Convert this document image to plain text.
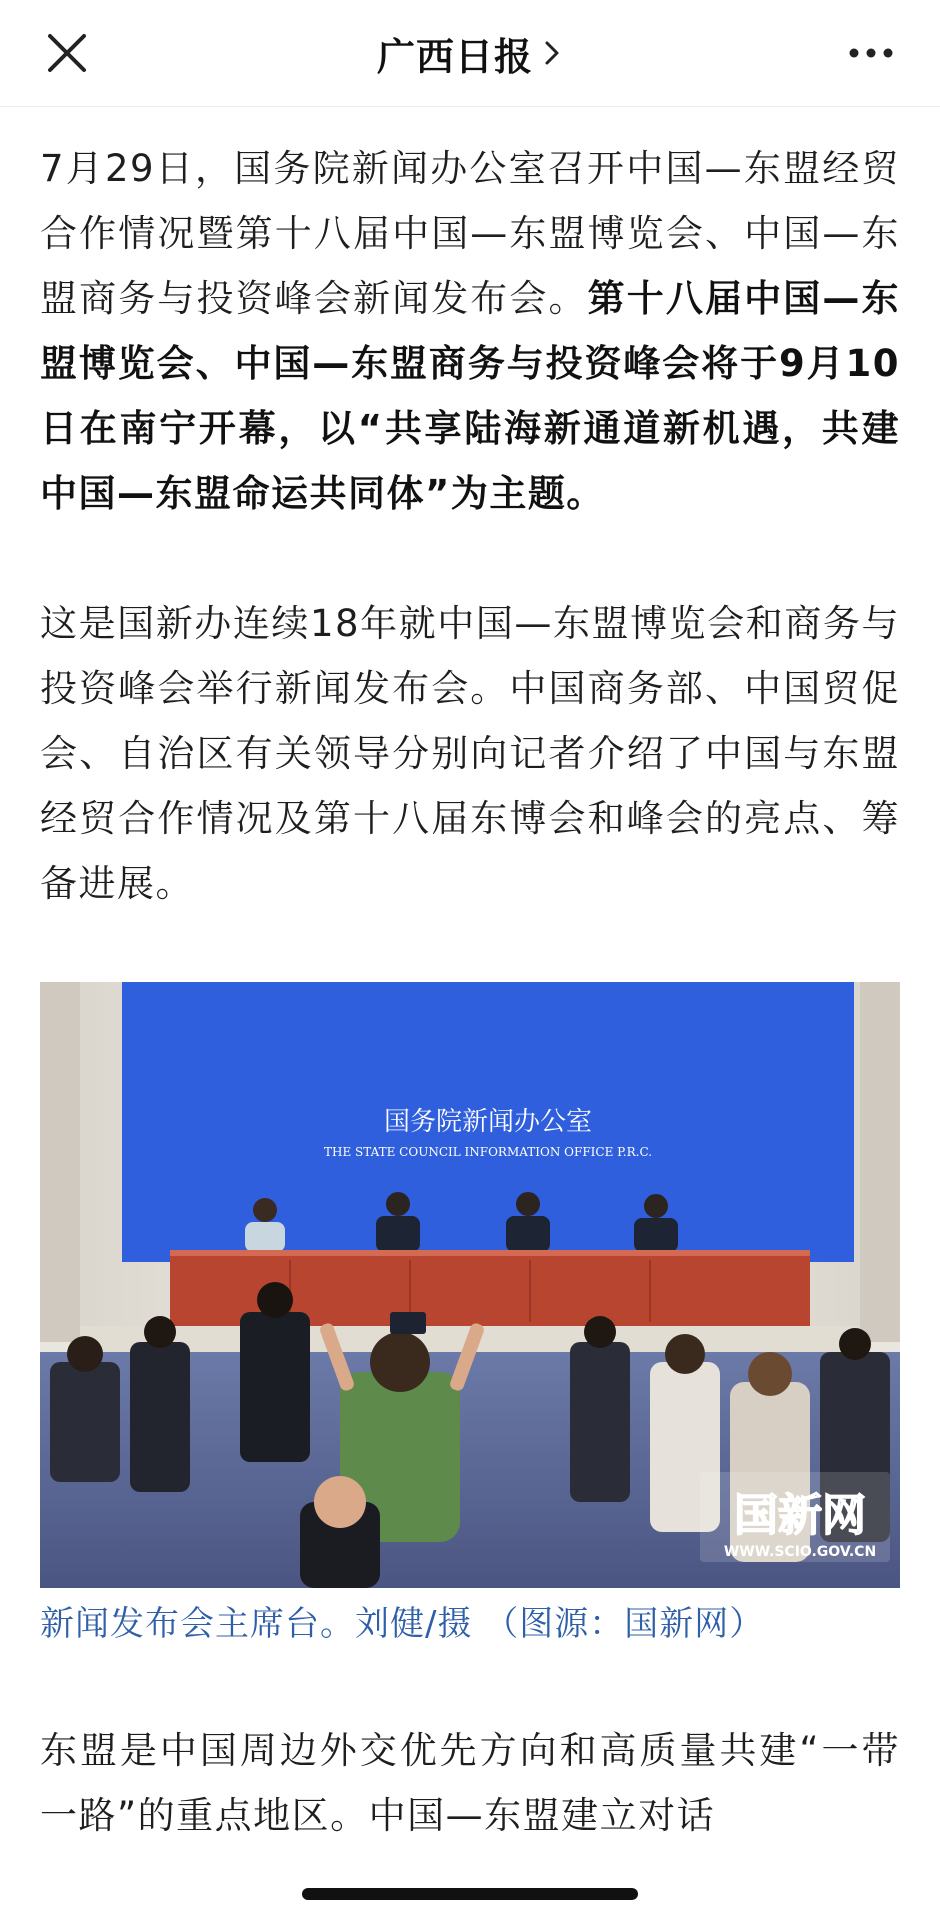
广西日报

7月29日，国务院新闻办公室召开中国—东盟经贸合作情况暨第十八届中国—东盟博览会、中国—东盟商务与投资峰会新闻发布会。第十八届中国—东盟博览会、中国—东盟商务与投资峰会将于9月10日在南宁开幕，以“共享陆海新通道新机遇，共建中国—东盟命运共同体”为主题。

这是国新办连续18年就中国—东盟博览会和商务与投资峰会举行新闻发布会。中国商务部、中国贸促会、自治区有关领导分别向记者介绍了中国与东盟经贸合作情况及第十八届东博会和峰会的亮点、筹备进展。

国务院新闻办公室
THE STATE COUNCIL INFORMATION OFFICE P.R.C.
国新网
WWW.SCIO.GOV.CN
新闻发布会主席台。刘健/摄 （图源：国新网）

东盟是中国周边外交优先方向和高质量共建“一带一路”的重点地区。中国—东盟建立对话
